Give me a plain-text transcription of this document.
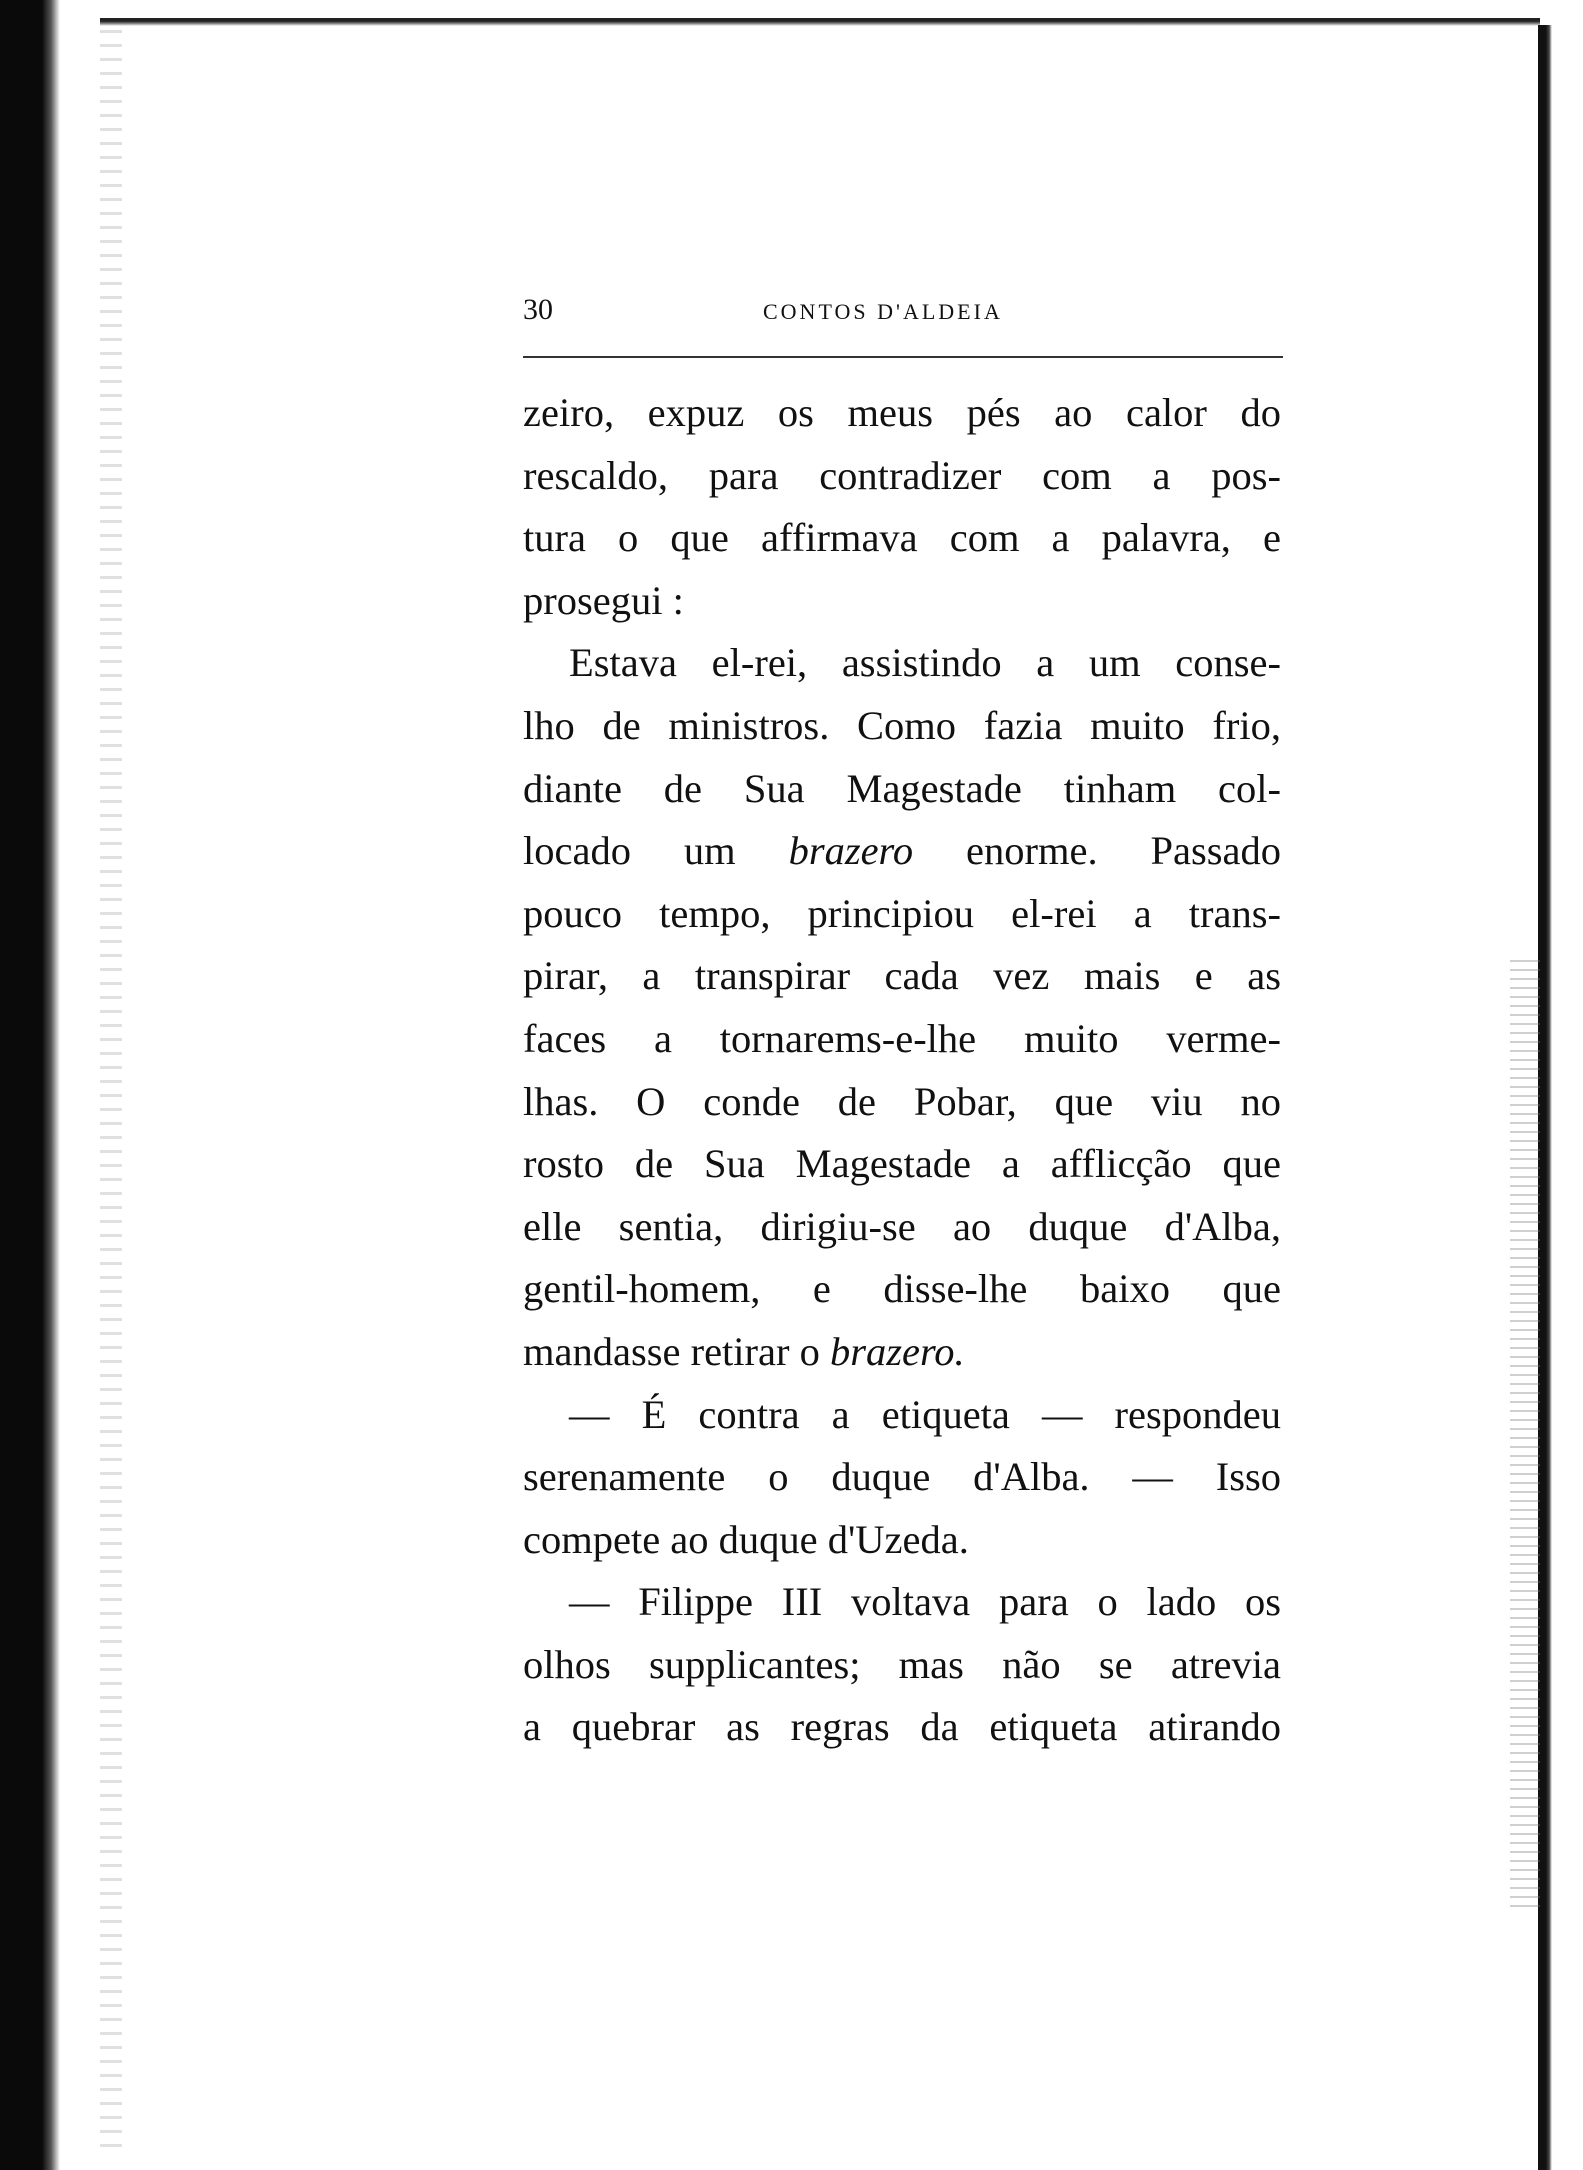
30	CONTOS D'ALDEIA
zeiro, expuz os meus pés ao calor do
rescaldo, para contradizer com a pos-
tura o que affirmava com a palavra, e
prosegui :
Estava el-rei, assistindo a um conse-
lho de ministros. Como fazia muito frio,
diante de Sua Magestade tinham col-
locado um brazero enorme. Passado
pouco tempo, principiou el-rei a trans-
pirar, a transpirar cada vez mais e as
faces a tornarems-e-lhe muito verme-
lhas. O conde de Pobar, que viu no
rosto de Sua Magestade a afflicção que
elle sentia, dirigiu-se ao duque d'Alba,
gentil-homem, e disse-lhe baixo que
mandasse retirar o brazero.
— É contra a etiqueta — respondeu
serenamente o duque d'Alba. — Isso
compete ao duque d'Uzeda.
— Filippe III voltava para o lado os
olhos supplicantes; mas não se atrevia
a quebrar as regras da etiqueta atirando
